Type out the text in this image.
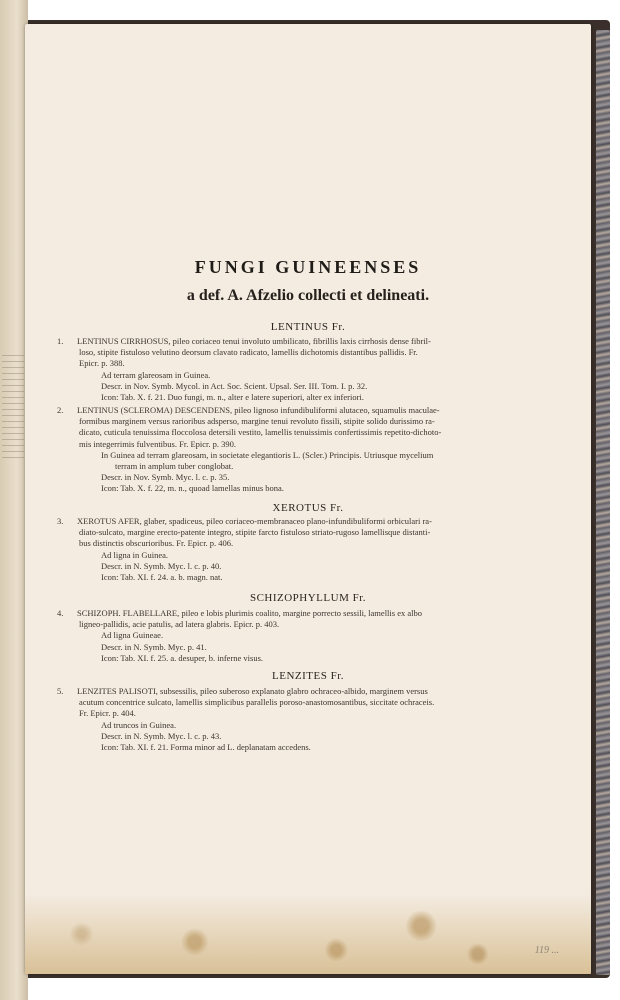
FUNGI GUINEENSES
a def. A. Afzelio collecti et delineati.
LENTINUS Fr.
1. LENTINUS CIRRHOSUS, pileo coriaceo tenui involuto umbilicato, fibrillis laxis cirrhosis dense fibril-

loso, stipite fistuloso velutino deorsum clavato radicato, lamellis dichotomis distantibus pallidis. Fr.

Epicr. p. 388.

Ad terram glareosam in Guinea.

Descr. in Nov. Symb. Mycol. in Act. Soc. Scient. Upsal. Ser. III. Tom. I. p. 32.

Icon: Tab. X. f. 21. Duo fungi, m. n., alter e latere superiori, alter ex inferiori.

2. LENTINUS (SCLEROMA) DESCENDENS, pileo lignoso infundibuliformi alutaceo, squamulis maculae-

formibus marginem versus rarioribus adsperso, margine tenui revoluto fissili, stipite solido durissimo ra-

dicato, cuticula tenuissima floccolosa detersili vestito, lamellis tenuissimis confertissimis repetito-dichoto-

mis integerrimis fulventibus. Fr. Epicr. p. 390.

In Guinea ad terram glareosam, in societate elegantioris L. (Scler.) Principis. Utriusque mycelium

terram in amplum tuber conglobat.

Descr. in Nov. Symb. Myc. l. c. p. 35.

Icon: Tab. X. f. 22, m. n., quoad lamellas minus bona.

XEROTUS Fr.
3. XEROTUS AFER, glaber, spadiceus, pileo coriaceo-membranaceo plano-infundibuliformi orbiculari ra-

diato-sulcato, margine erecto-patente integro, stipite farcto fistuloso striato-rugoso lamellisque distanti-

bus distinctis obscurioribus. Fr. Epicr. p. 406.

Ad ligna in Guinea.

Descr. in N. Symb. Myc. l. c. p. 40.

Icon: Tab. XI. f. 24. a. b. magn. nat.

SCHIZOPHYLLUM Fr.
4. SCHIZOPH. FLABELLARE, pileo e lobis plurimis coalito, margine porrecto sessili, lamellis ex albo

ligneo-pallidis, acie patulis, ad latera glabris. Epicr. p. 403.

Ad ligna Guineae.

Descr. in N. Symb. Myc. p. 41.

Icon: Tab. XI. f. 25. a. desuper, b. inferne visus.

LENZITES Fr.
5. LENZITES PALISOTI, subsessilis, pileo suberoso explanato glabro ochraceo-albido, marginem versus

acutum concentrice sulcato, lamellis simplicibus parallelis poroso-anastomosantibus, siccitate ochraceis.

Fr. Epicr. p. 404.

Ad truncos in Guinea.

Descr. in N. Symb. Myc. l. c. p. 43.

Icon: Tab. XI. f. 21. Forma minor ad L. deplanatam accedens.

119 ...
